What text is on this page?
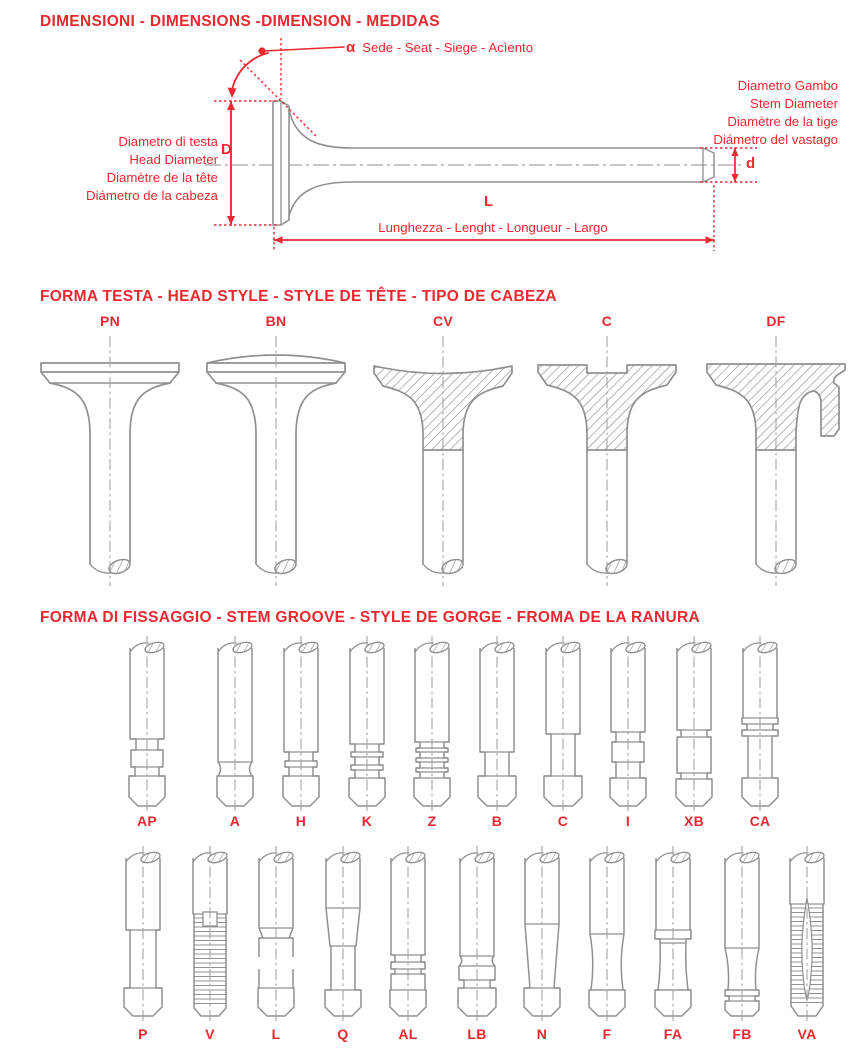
DIMENSIONI - DIMENSIONS -DIMENSION - MEDIDAS
α Sede - Seat - Siege - Acìento
Diametro Gambo
Stem Diameter
Diamètre de la tige
Diámetro del vastago
Diametro di testa
Head Diameter
Diamètre de la tête
Diámetro de la cabeza
D
d
L
Lunghezza - Lenght - Longueur - Largo
FORMA TESTA - HEAD STYLE - STYLE DE TÊTE - TIPO DE CABEZA
FORMA DI FISSAGGIO - STEM GROOVE - STYLE DE GORGE - FROMA DE LA RANURA
PN	BN	CV	C	DF
AP	A	H	K	Z	B	C	I	XB	CA
P	V	L	Q	AL	LB	N	F	FA	FB	VA
